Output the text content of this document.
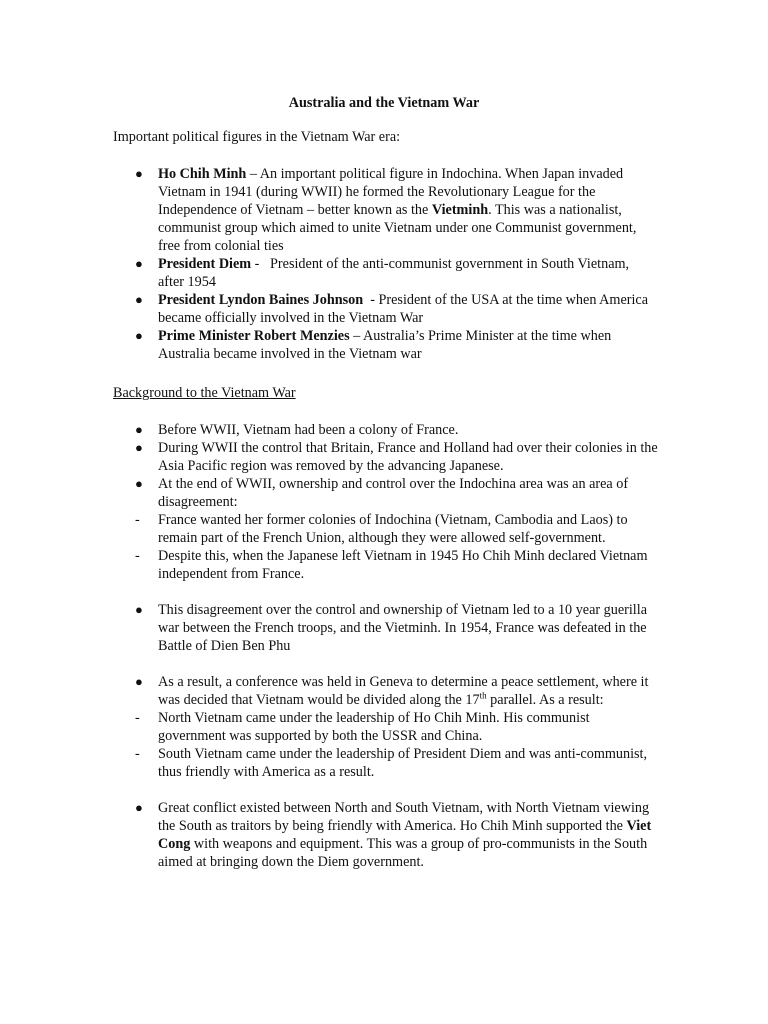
Australia and the Vietnam War
Important political figures in the Vietnam War era:
●	Ho Chih Minh – An important political figure in Indochina. When Japan invaded Vietnam in 1941 (during WWII) he formed the Revolutionary League for the Independence of Vietnam – better known as the Vietminh. This was a nationalist, communist group which aimed to unite Vietnam under one Communist government, free from colonial ties
●	President Diem -   President of the anti-communist government in South Vietnam, after 1954
●	President Lyndon Baines Johnson  - President of the USA at the time when America became officially involved in the Vietnam War
●	Prime Minister Robert Menzies – Australia’s Prime Minister at the time when Australia became involved in the Vietnam war
Background to the Vietnam War
●	Before WWII, Vietnam had been a colony of France.
●	During WWII the control that Britain, France and Holland had over their colonies in the Asia Pacific region was removed by the advancing Japanese.
●	At the end of WWII, ownership and control over the Indochina area was an area of disagreement:
-	France wanted her former colonies of Indochina (Vietnam, Cambodia and Laos) to remain part of the French Union, although they were allowed self-government.
-	Despite this, when the Japanese left Vietnam in 1945 Ho Chih Minh declared Vietnam independent from France.
●	This disagreement over the control and ownership of Vietnam led to a 10 year guerilla war between the French troops, and the Vietminh. In 1954, France was defeated in the Battle of Dien Ben Phu
●	As a result, a conference was held in Geneva to determine a peace settlement, where it was decided that Vietnam would be divided along the 17th parallel. As a result:
-	North Vietnam came under the leadership of Ho Chih Minh. His communist government was supported by both the USSR and China.
-	South Vietnam came under the leadership of President Diem and was anti-communist, thus friendly with America as a result.
●	Great conflict existed between North and South Vietnam, with North Vietnam viewing the South as traitors by being friendly with America. Ho Chih Minh supported the Viet Cong with weapons and equipment. This was a group of pro-communists in the South aimed at bringing down the Diem government.
